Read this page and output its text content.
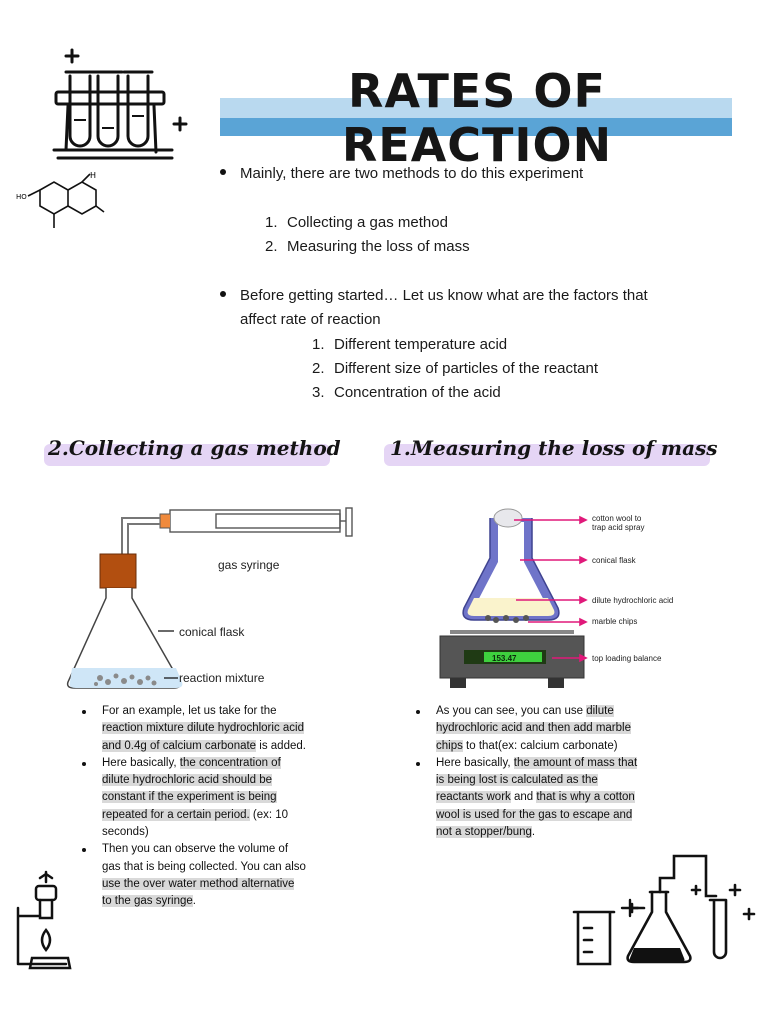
HO
H
RATES OF REACTION
Mainly, there are two methods to do this experiment
1. Collecting a gas method
2. Measuring the loss of mass
Before getting started… Let us know what are the factors that
affect rate of reaction
1. Different temperature acid
2. Different size of particles of the reactant
3. Concentration of the acid
2.Collecting a gas method 1.Measuring the loss of mass
gas syringe
conical flask
reaction mixture
153.47
cotton wool to
trap acid spray
conical flask
dilute hydrochloric acid
marble chips
top loading balance
For an example, let us take for the reaction mixture dilute hydrochloric acid and 0.4g of calcium carbonate is added.
Here basically, the concentration of dilute hydrochloric acid should be constant if the experiment is being repeated for a certain period. (ex: 10 seconds)
Then you can observe the volume of gas that is being collected. You can also use the over water method alternative to the gas syringe.
As you can see, you can use dilute hydrochloric acid and then add marble chips to that(ex: calcium carbonate)
Here basically, the amount of mass that is being lost is calculated as the reactants work and that is why a cotton wool is used for the gas to escape and not a stopper/bung.
